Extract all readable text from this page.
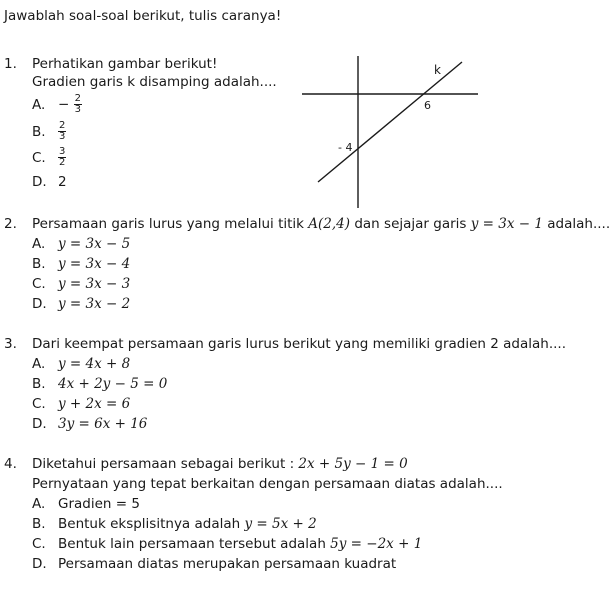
Jawablah soal-soal berikut, tulis caranya!
1. Perhatikan gambar berikut!
Gradien garis k disamping adalah....
A. − $\frac{2}{3}$
B. $\frac{2}{3}$
C. $\frac{3}{2}$
D. 2
k
6
- 4
2. Persamaan garis lurus yang melalui titik A(2,4) dan sejajar garis y = 3x − 1 adalah....
A. y = 3x − 5
B. y = 3x − 4
C. y = 3x − 3
D. y = 3x − 2
3. Dari keempat persamaan garis lurus berikut yang memiliki gradien 2 adalah....
A. y = 4x + 8
B. 4x + 2y − 5 = 0
C. y + 2x = 6
D. 3y = 6x + 16
4. Diketahui persamaan sebagai berikut : 2x + 5y − 1 = 0
Pernyataan yang tepat berkaitan dengan persamaan diatas adalah....
A. Gradien = 5
B. Bentuk eksplisitnya adalah y = 5x + 2
C. Bentuk lain persamaan tersebut adalah 5y = −2x + 1
D. Persamaan diatas merupakan persamaan kuadrat
